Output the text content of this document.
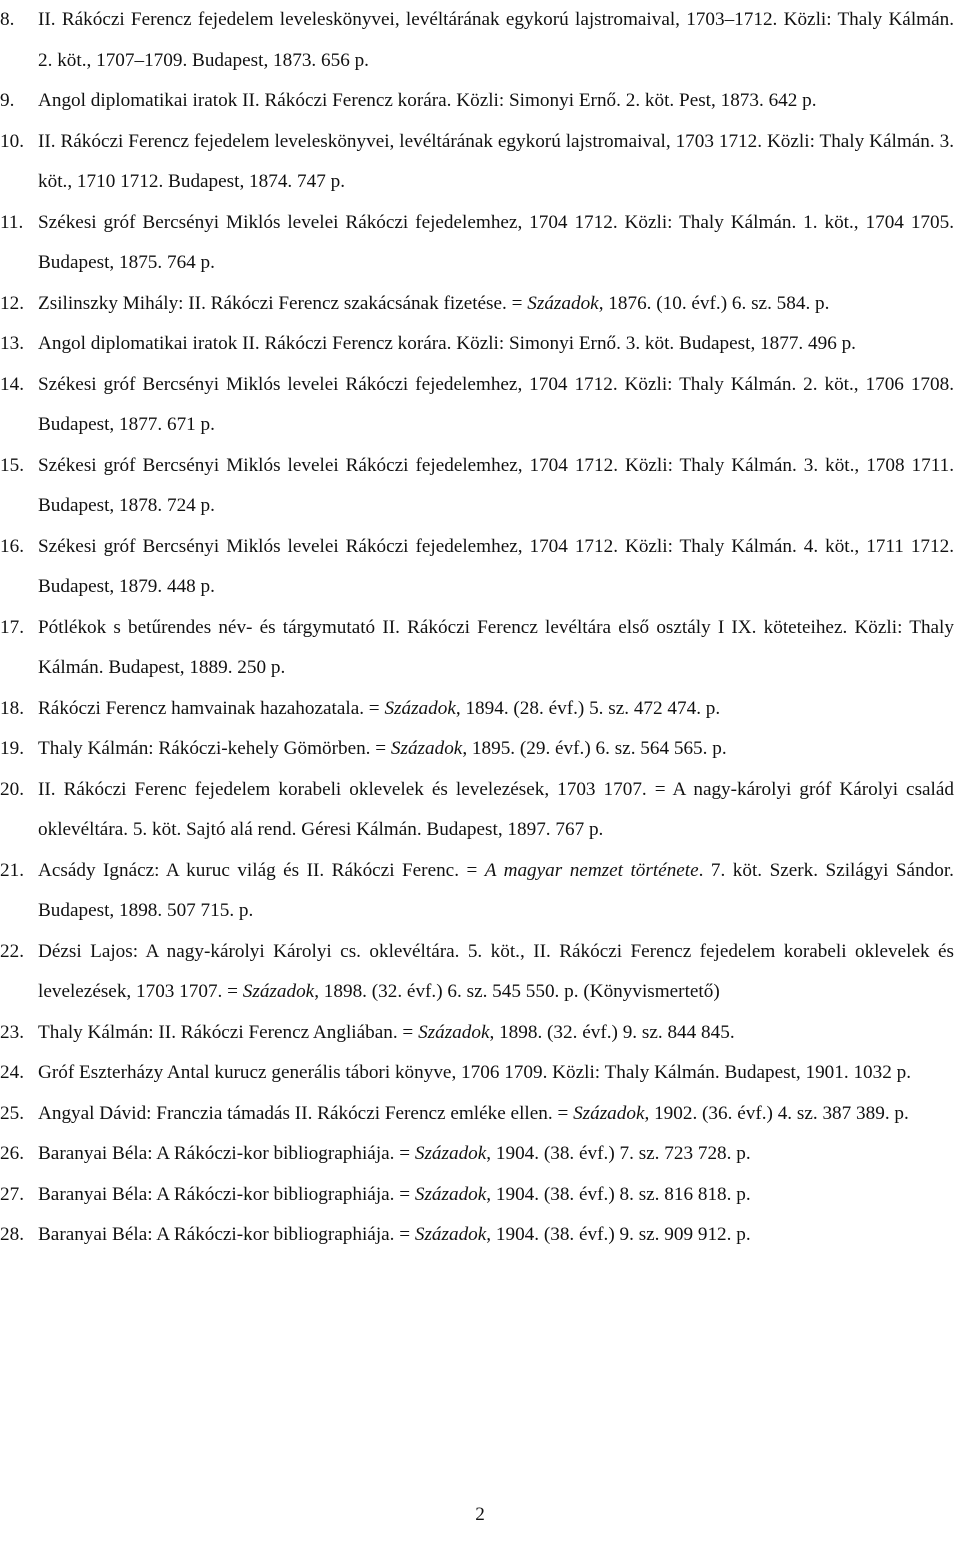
8. II. Rákóczi Ferencz fejedelem leveleskönyvei, levéltárának egykorú lajstromaival, 1703–1712. Közli: Thaly Kálmán. 2. köt., 1707–1709. Budapest, 1873. 656 p.
9. Angol diplomatikai iratok II. Rákóczi Ferencz korára. Közli: Simonyi Ernő. 2. köt. Pest, 1873. 642 p.
10. II. Rákóczi Ferencz fejedelem leveleskönyvei, levéltárának egykorú lajstromaival, 1703 1712. Közli: Thaly Kálmán. 3. köt., 1710 1712. Budapest, 1874. 747 p.
11. Székesi gróf Bercsényi Miklós levelei Rákóczi fejedelemhez, 1704 1712. Közli: Thaly Kálmán. 1. köt., 1704 1705. Budapest, 1875. 764 p.
12. Zsilinszky Mihály: II. Rákóczi Ferencz szakácsának fizetése. = Századok, 1876. (10. évf.) 6. sz. 584. p.
13. Angol diplomatikai iratok II. Rákóczi Ferencz korára. Közli: Simonyi Ernő. 3. köt. Budapest, 1877. 496 p.
14. Székesi gróf Bercsényi Miklós levelei Rákóczi fejedelemhez, 1704 1712. Közli: Thaly Kálmán. 2. köt., 1706 1708. Budapest, 1877. 671 p.
15. Székesi gróf Bercsényi Miklós levelei Rákóczi fejedelemhez, 1704 1712. Közli: Thaly Kálmán. 3. köt., 1708 1711. Budapest, 1878. 724 p.
16. Székesi gróf Bercsényi Miklós levelei Rákóczi fejedelemhez, 1704 1712. Közli: Thaly Kálmán. 4. köt., 1711 1712. Budapest, 1879. 448 p.
17. Pótlékok s betűrendes név- és tárgymutató II. Rákóczi Ferencz levéltára első osztály I IX. köteteihez. Közli: Thaly Kálmán. Budapest, 1889. 250 p.
18. Rákóczi Ferencz hamvainak hazahozatala. = Századok, 1894. (28. évf.) 5. sz. 472 474. p.
19. Thaly Kálmán: Rákóczi-kehely Gömörben. = Századok, 1895. (29. évf.) 6. sz. 564 565. p.
20. II. Rákóczi Ferenc fejedelem korabeli oklevelek és levelezések, 1703 1707. = A nagy-károlyi gróf Károlyi család oklevéltára. 5. köt. Sajtó alá rend. Géresi Kálmán. Budapest, 1897. 767 p.
21. Acsády Ignácz: A kuruc világ és II. Rákóczi Ferenc. = A magyar nemzet története. 7. köt. Szerk. Szilágyi Sándor. Budapest, 1898. 507 715. p.
22. Dézsi Lajos: A nagy-károlyi Károlyi cs. oklevéltára. 5. köt., II. Rákóczi Ferencz fejedelem korabeli oklevelek és levelezések, 1703 1707. = Századok, 1898. (32. évf.) 6. sz. 545 550. p. (Könyvismertető)
23. Thaly Kálmán: II. Rákóczi Ferencz Angliában. = Századok, 1898. (32. évf.) 9. sz. 844 845.
24. Gróf Eszterházy Antal kurucz generális tábori könyve, 1706 1709. Közli: Thaly Kálmán. Budapest, 1901. 1032 p.
25. Angyal Dávid: Franczia támadás II. Rákóczi Ferencz emléke ellen. = Századok, 1902. (36. évf.) 4. sz. 387 389. p.
26. Baranyai Béla: A Rákóczi-kor bibliographiája. = Századok, 1904. (38. évf.) 7. sz. 723 728. p.
27. Baranyai Béla: A Rákóczi-kor bibliographiája. = Századok, 1904. (38. évf.) 8. sz. 816 818. p.
28. Baranyai Béla: A Rákóczi-kor bibliographiája. = Századok, 1904. (38. évf.) 9. sz. 909 912. p.
2
